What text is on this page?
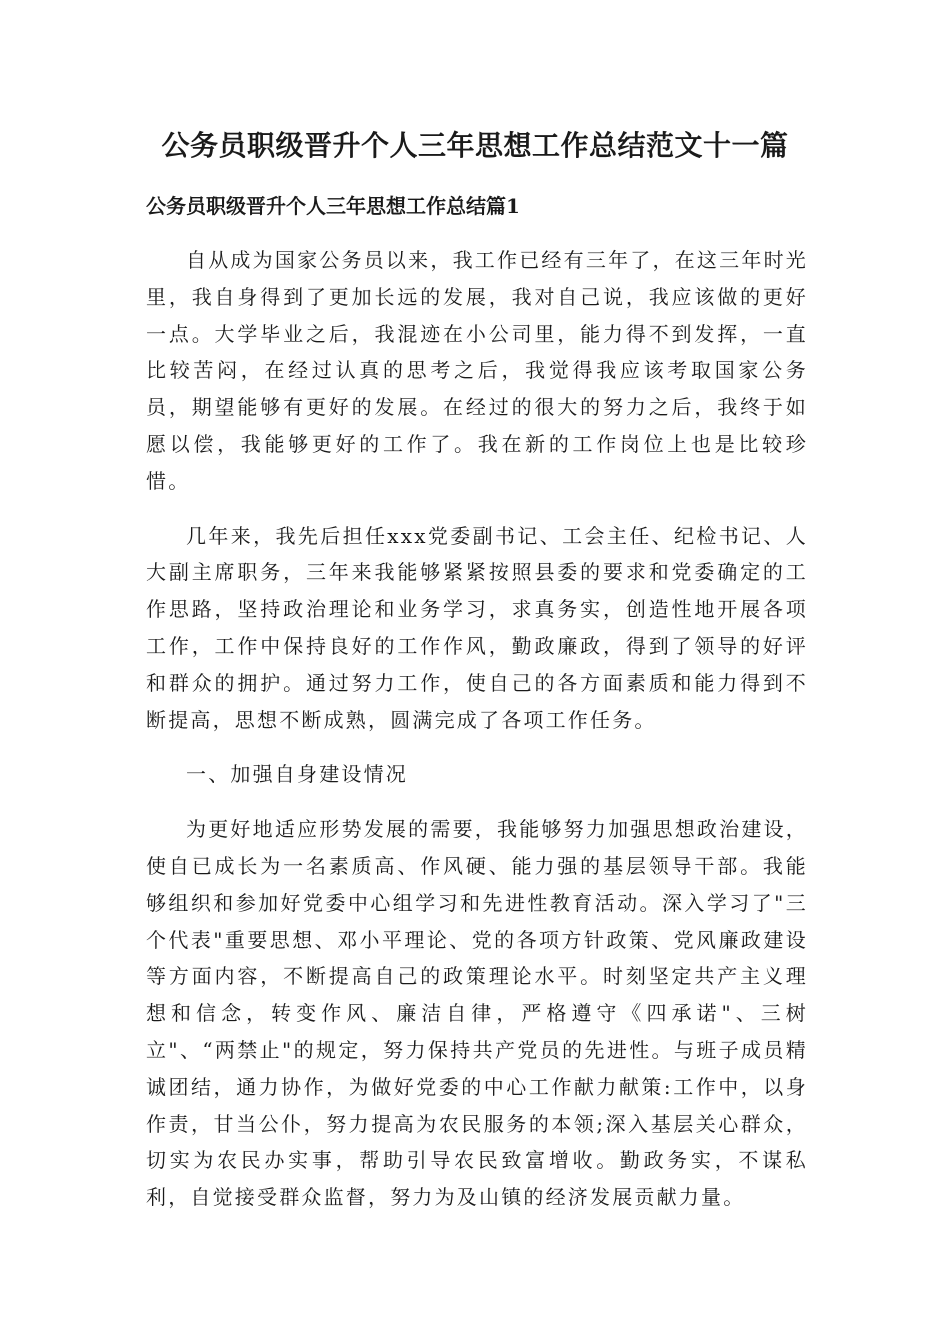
公务员职级晋升个人三年思想工作总结范文十一篇
公务员职级晋升个人三年思想工作总结篇1

自从成为国家公务员以来，我工作已经有三年了，在这三年时光里，我自身得到了更加长远的发展，我对自己说，我应该做的更好一点。大学毕业之后，我混迹在小公司里，能力得不到发挥，一直比较苦闷，在经过认真的思考之后，我觉得我应该考取国家公务员，期望能够有更好的发展。在经过的很大的努力之后，我终于如愿以偿，我能够更好的工作了。我在新的工作岗位上也是比较珍惜。

几年来，我先后担任xxx党委副书记、工会主任、纪检书记、人大副主席职务，三年来我能够紧紧按照县委的要求和党委确定的工作思路，坚持政治理论和业务学习，求真务实，创造性地开展各项工作，工作中保持良好的工作作风，勤政廉政，得到了领导的好评和群众的拥护。通过努力工作，使自己的各方面素质和能力得到不断提高，思想不断成熟，圆满完成了各项工作任务。

一、加强自身建设情况

为更好地适应形势发展的需要，我能够努力加强思想政治建设，使自已成长为一名素质高、作风硬、能力强的基层领导干部。我能够组织和参加好党委中心组学习和先进性教育活动。深入学习了"三个代表"重要思想、邓小平理论、党的各项方针政策、党风廉政建设等方面内容，不断提高自己的政策理论水平。时刻坚定共产主义理想和信念，转变作风、廉洁自律，严格遵守《四承诺"、三树立"、“两禁止"的规定，努力保持共产党员的先进性。与班子成员精诚团结，通力协作，为做好党委的中心工作献力献策:工作中，以身作责，甘当公仆，努力提高为农民服务的本领;深入基层关心群众，切实为农民办实事，帮助引导农民致富增收。勤政务实，不谋私利，自觉接受群众监督，努力为及山镇的经济发展贡献力量。
